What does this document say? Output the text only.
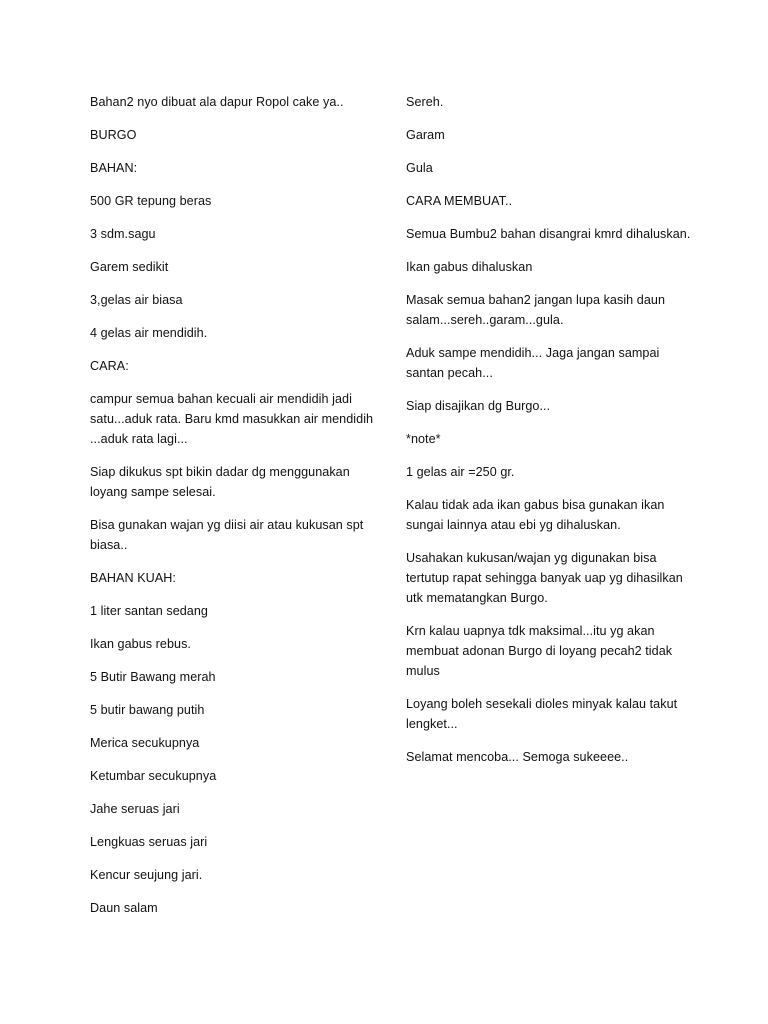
Bahan2 nyo dibuat ala dapur Ropol cake ya..

BURGO

BAHAN:

500 GR tepung beras

3 sdm.sagu

Garem sedikit

3,gelas air biasa

4 gelas air mendidih.

CARA:

campur semua bahan kecuali air mendidih jadi satu...aduk rata. Baru kmd masukkan air mendidih ...aduk rata lagi...

Siap dikukus spt bikin dadar dg menggunakan loyang sampe selesai.

Bisa gunakan wajan yg diisi air atau kukusan spt biasa..

BAHAN KUAH:

1 liter santan sedang

Ikan gabus rebus.

5 Butir Bawang merah

5 butir bawang putih

Merica secukupnya

Ketumbar secukupnya

Jahe seruas jari

Lengkuas seruas jari

Kencur seujung jari.

Daun salam

Sereh.

Garam

Gula

CARA MEMBUAT..

Semua Bumbu2 bahan disangrai kmrd dihaluskan.

Ikan gabus dihaluskan

Masak semua bahan2 jangan lupa kasih daun salam...sereh..garam...gula.

Aduk sampe mendidih... Jaga jangan sampai santan pecah...

Siap disajikan dg Burgo...

*note*

1 gelas air =250 gr.

Kalau tidak ada ikan gabus bisa gunakan ikan sungai lainnya atau ebi yg dihaluskan.

Usahakan kukusan/wajan yg digunakan bisa tertutup rapat sehingga banyak uap yg dihasilkan utk mematangkan Burgo.

Krn kalau uapnya tdk maksimal...itu yg akan membuat adonan Burgo di loyang pecah2 tidak mulus

Loyang boleh sesekali dioles minyak kalau takut lengket...

Selamat mencoba... Semoga sukeeee..
